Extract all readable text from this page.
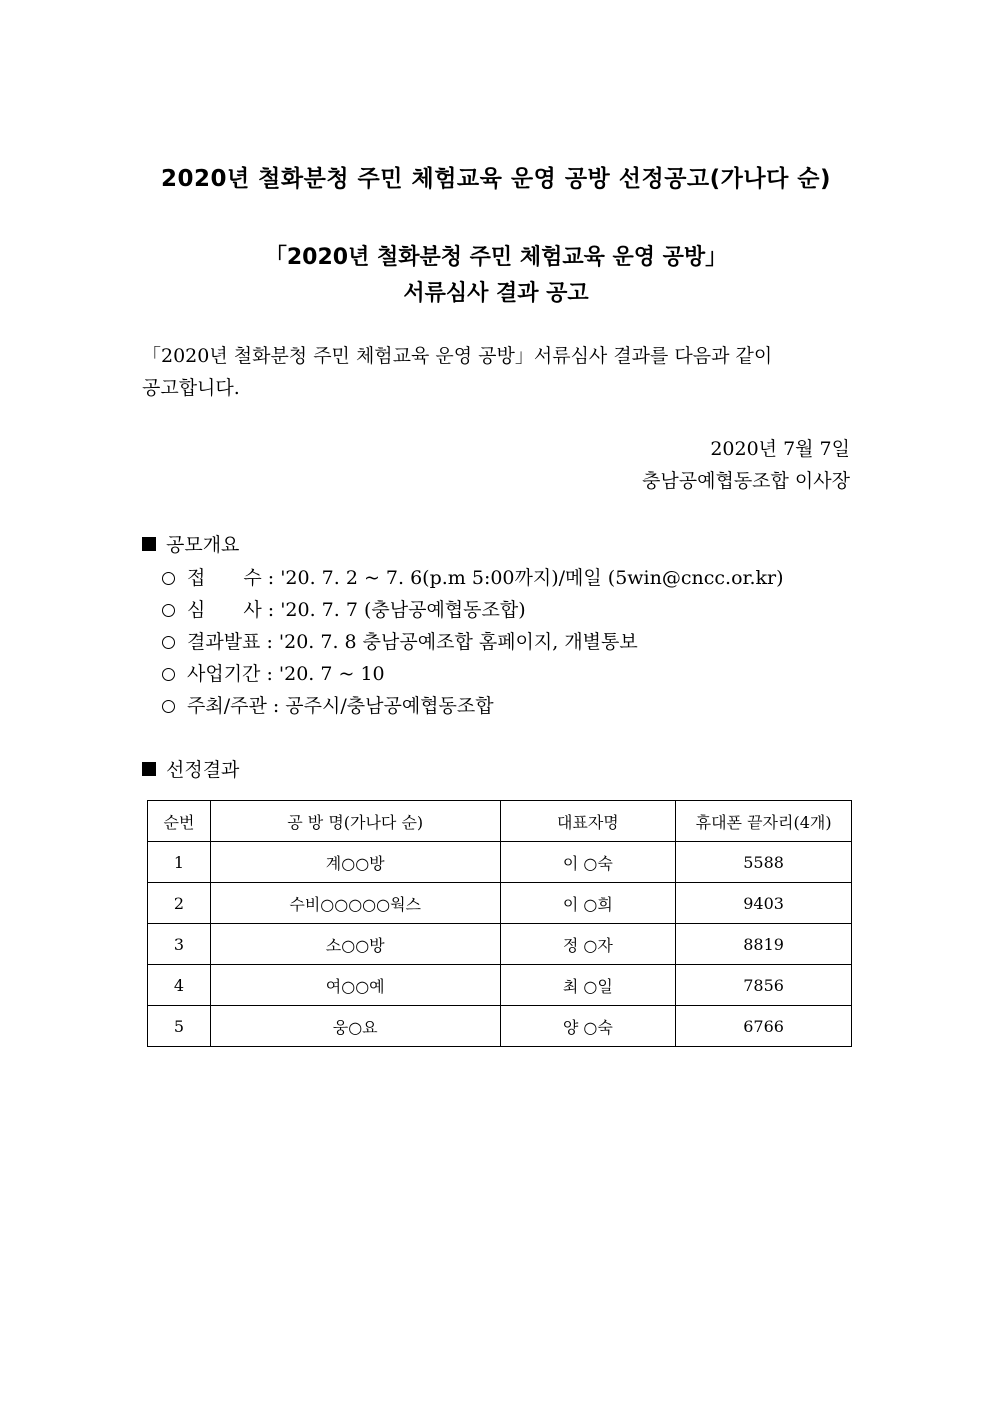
2020년 철화분청 주민 체험교육 운영 공방 선정공고(가나다 순)
「2020년 철화분청 주민 체험교육 운영 공방」
서류심사 결과 공고

「2020년 철화분청 주민 체험교육 운영 공방」서류심사 결과를 다음과 같이
공고합니다.

2020년 7월 7일

충남공예협동조합 이사장

공모개요

접　　수 : '20. 7. 2 ~ 7. 6(p.m 5:00까지)/메일 (5win@cncc.or.kr)
심　　사 : '20. 7. 7 (충남공예협동조합)
결과발표 : '20. 7. 8 충남공예조합 홈페이지, 개별통보
사업기간 : '20. 7 ~ 10
주최/주관 : 공주시/충남공예협동조합

선정결과

순번	공 방 명(가나다 순)	대표자명	휴대폰 끝자리(4개)
1	계○○방	이 ○숙	5588
2	수비○○○○○웍스	이 ○희	9403
3	소○○방	정 ○자	8819
4	여○○예	최 ○일	7856
5	웅○요	양 ○숙	6766
